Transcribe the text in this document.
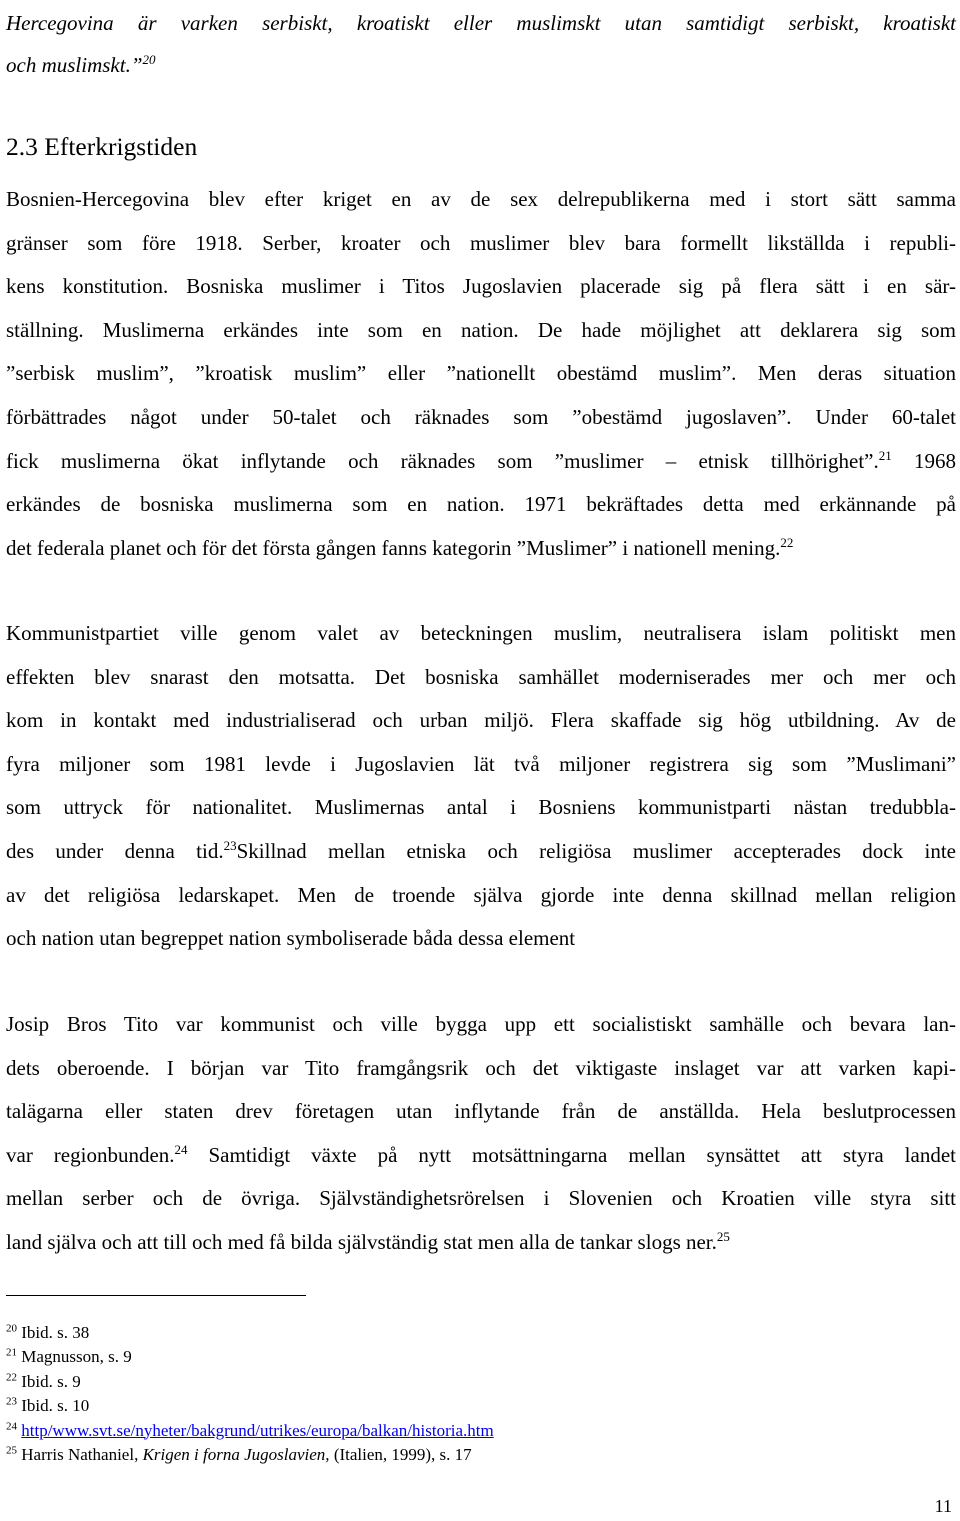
Hercegovina är varken serbiskt, kroatiskt eller muslimskt utan samtidigt serbiskt, kroatiskt
och muslimskt.”$^{20}$
2.3 Efterkrigstiden
Bosnien-Hercegovina blev efter kriget en av de sex delrepublikerna med i stort sätt samma
gränser som före 1918. Serber, kroater och muslimer blev bara formellt likställda i republi-
kens konstitution. Bosniska muslimer i Titos Jugoslavien placerade sig på flera sätt i en sär-
ställning. Muslimerna erkändes inte som en nation. De hade möjlighet att deklarera sig som
”serbisk muslim”, ”kroatisk muslim” eller ”nationellt obestämd muslim”. Men deras situation
förbättrades något under 50-talet och räknades som ”obestämd jugoslaven”. Under 60-talet
fick muslimerna ökat inflytande och räknades som ”muslimer – etnisk tillhörighet”.$^{21}$ 1968
erkändes de bosniska muslimerna som en nation. 1971 bekräftades detta med erkännande på
det federala planet och för det första gången fanns kategorin ”Muslimer” i nationell mening.$^{22}$
Kommunistpartiet ville genom valet av beteckningen muslim, neutralisera islam politiskt men
effekten blev snarast den motsatta. Det bosniska samhället moderniserades mer och mer och
kom in kontakt med industrialiserad och urban miljö. Flera skaffade sig hög utbildning. Av de
fyra miljoner som 1981 levde i Jugoslavien lät två miljoner registrera sig som ”Muslimani”
som uttryck för nationalitet. Muslimernas antal i Bosniens kommunistparti nästan tredubbla-
des under denna tid.$^{23}$Skillnad mellan etniska och religiösa muslimer accepterades dock inte
av det religiösa ledarskapet. Men de troende själva gjorde inte denna skillnad mellan religion
och nation utan begreppet nation symboliserade båda dessa element
Josip Bros Tito var kommunist och ville bygga upp ett socialistiskt samhälle och bevara lan-
dets oberoende. I början var Tito framgångsrik och det viktigaste inslaget var att varken kapi-
talägarna eller staten drev företagen utan inflytande från de anställda. Hela beslutprocessen
var regionbunden.$^{24}$ Samtidigt växte på nytt motsättningarna mellan synsättet att styra landet
mellan serber och de övriga. Självständighetsrörelsen i Slovenien och Kroatien ville styra sitt
land själva och att till och med få bilda självständig stat men alla de tankar slogs ner.$^{25}$
$^{20}$ Ibid. s. 38
$^{21}$ Magnusson, s. 9
$^{22}$ Ibid. s. 9
$^{23}$ Ibid. s. 10
$^{24}$ http/www.svt.se/nyheter/bakgrund/utrikes/europa/balkan/historia.htm
$^{25}$ Harris Nathaniel, Krigen i forna Jugoslavien, (Italien, 1999), s. 17
11
